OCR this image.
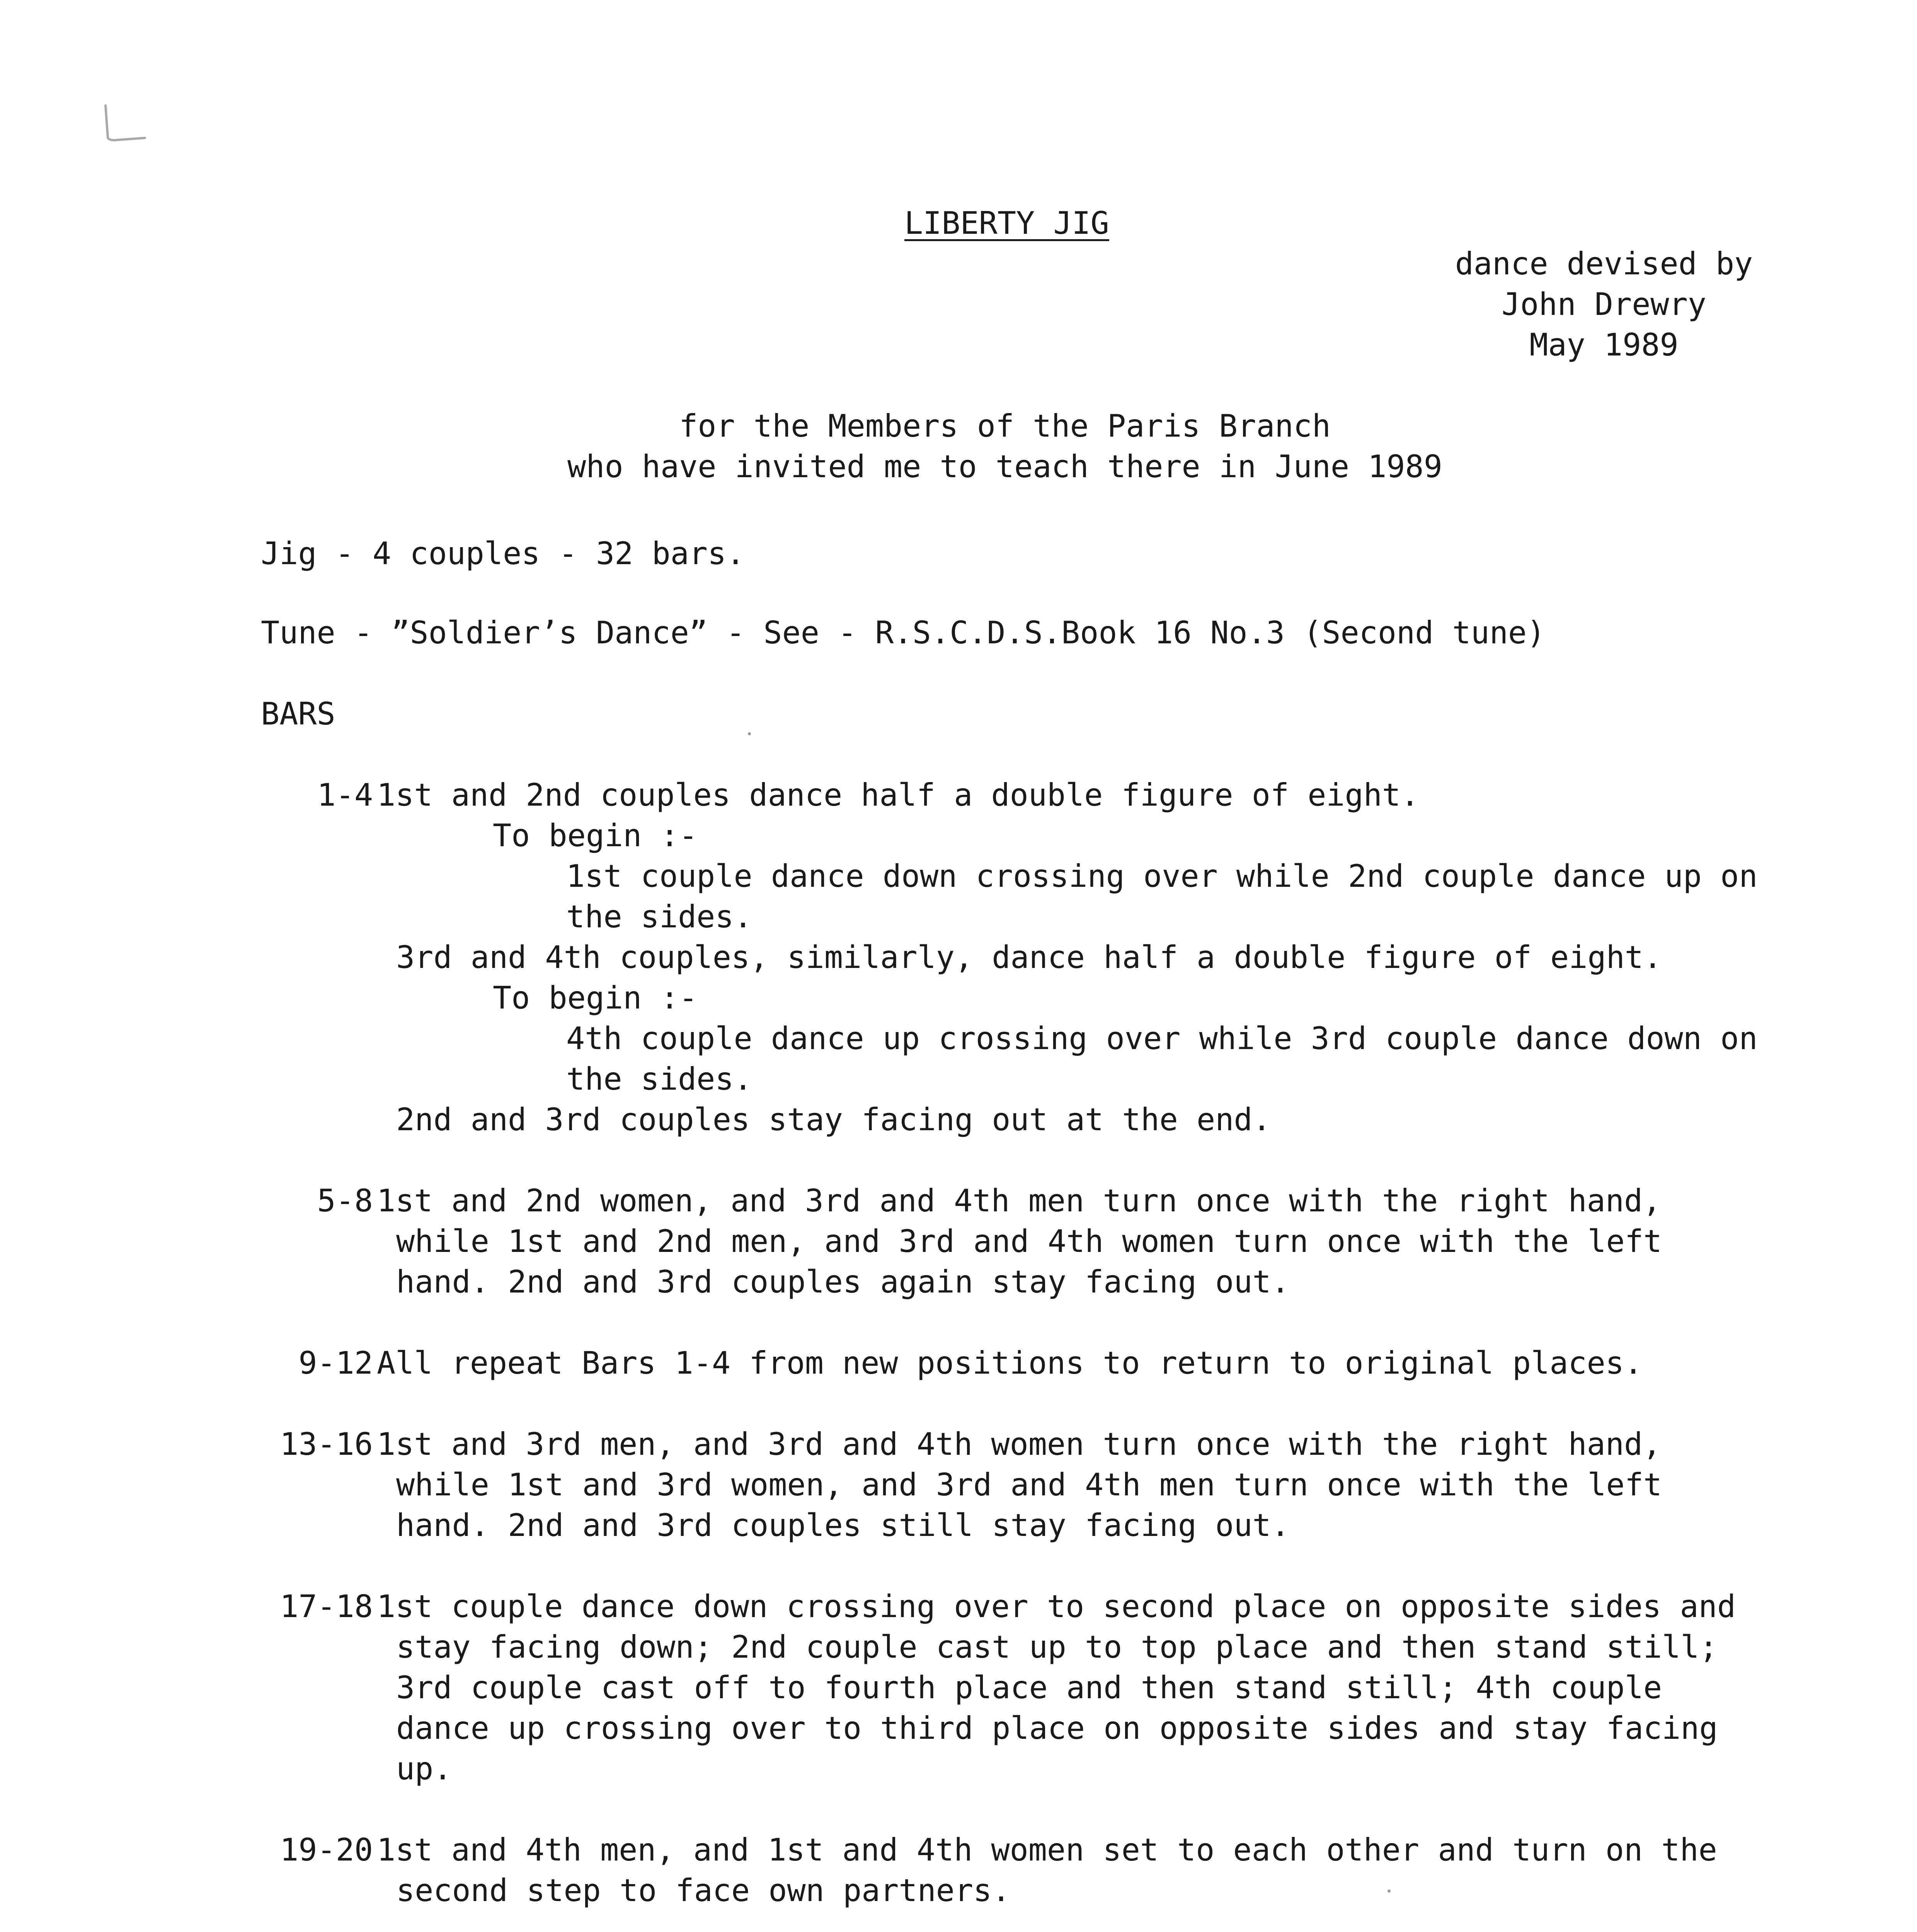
LIBERTY JIG
dance devised by
John Drewry
May 1989
for the Members of the Paris Branch
who have invited me to teach there in June 1989
Jig - 4 couples - 32 bars.
Tune - ”Soldier’s Dance” - See - R.S.C.D.S.Book 16 No.3 (Second tune)
BARS
1-4 1st and 2nd couples dance half a double figure of eight.
To begin :-
1st couple dance down crossing over while 2nd couple dance up on
the sides.
3rd and 4th couples, similarly, dance half a double figure of eight.
To begin :-
4th couple dance up crossing over while 3rd couple dance down on
the sides.
2nd and 3rd couples stay facing out at the end.
5-8 1st and 2nd women, and 3rd and 4th men turn once with the right hand,
while 1st and 2nd men, and 3rd and 4th women turn once with the left
hand. 2nd and 3rd couples again stay facing out.
9-12 All repeat Bars 1-4 from new positions to return to original places.
13-16 1st and 3rd men, and 3rd and 4th women turn once with the right hand,
while 1st and 3rd women, and 3rd and 4th men turn once with the left
hand. 2nd and 3rd couples still stay facing out.
17-18 1st couple dance down crossing over to second place on opposite sides and
stay facing down; 2nd couple cast up to top place and then stand still;
3rd couple cast off to fourth place and then stand still; 4th couple
dance up crossing over to third place on opposite sides and stay facing
up.
19-20 1st and 4th men, and 1st and 4th women set to each other and turn on the
second step to face own partners.
